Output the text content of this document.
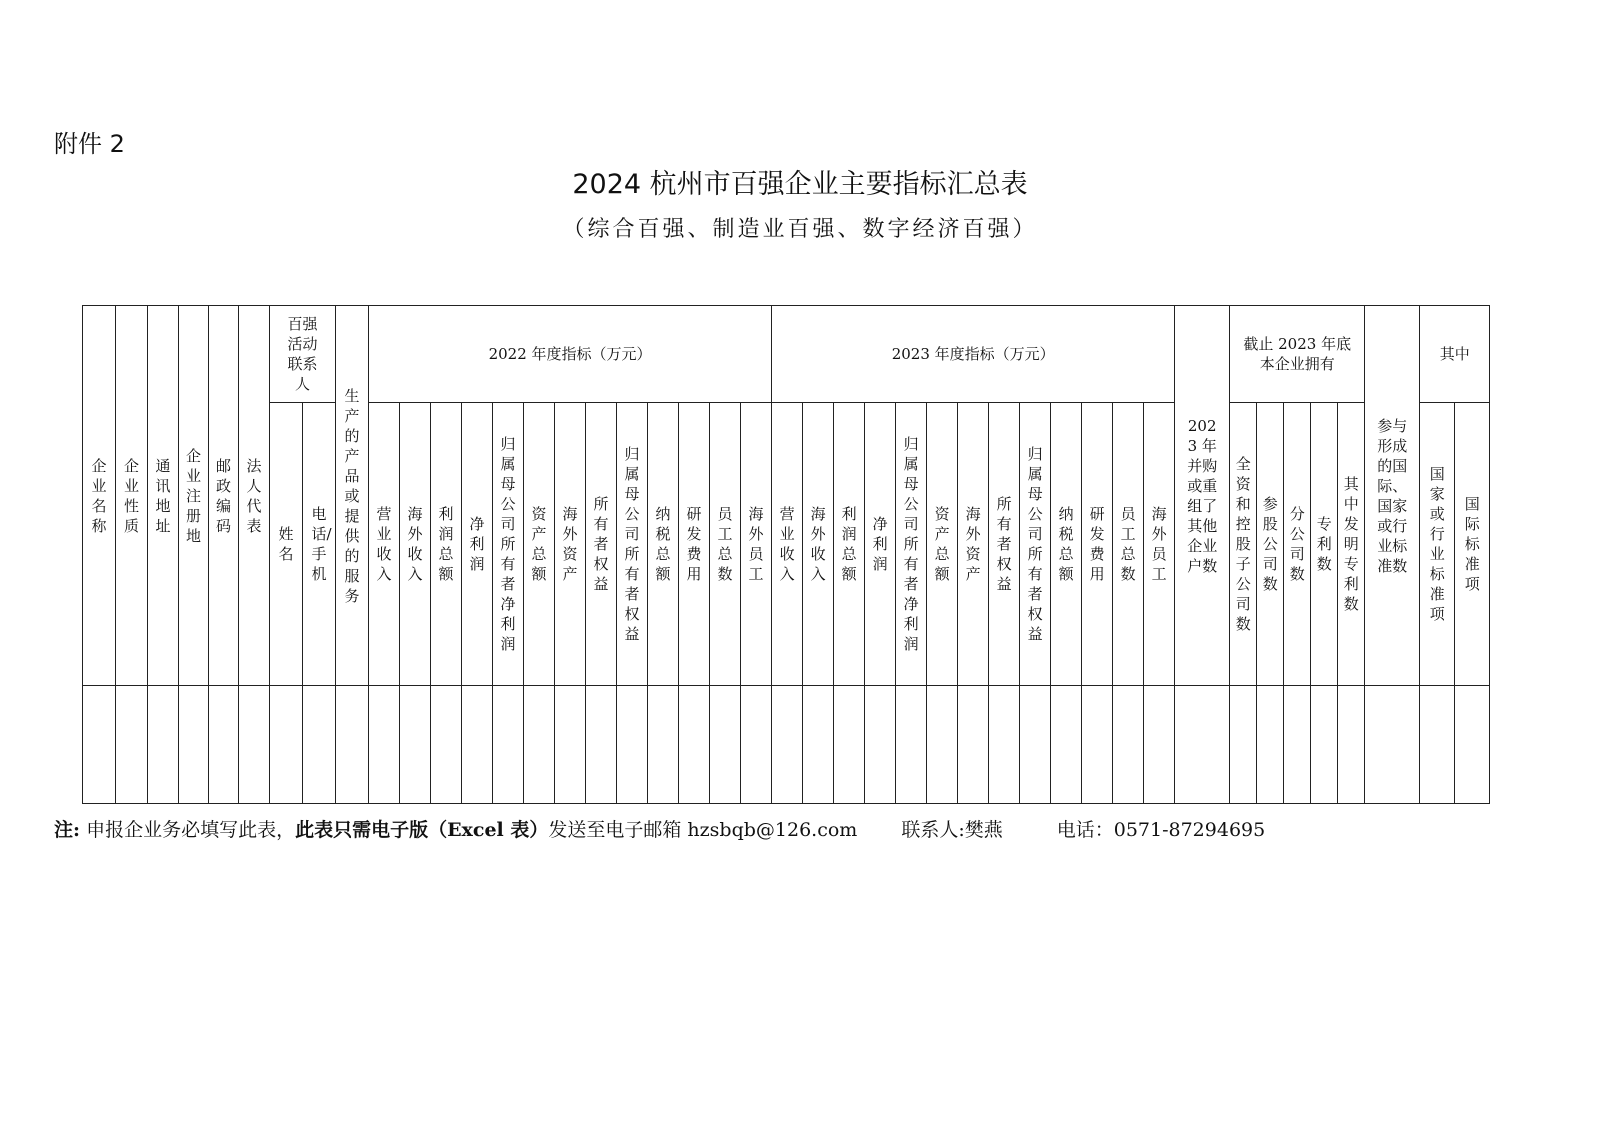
附件 2
2024 杭州市百强企业主要指标汇总表
（综合百强、制造业百强、数字经济百强）
企业名称	企业性质	通讯地址	企业注册地	邮政编码	法人代表	百强活动联系人		生产的产品或提供的服务	2022 年度指标（万元）													2023 年度指标（万元）													2023 年并购或重组了其他企业户数	截止 2023 年底本企业拥有					参与形成的国际、国家或行业标准数	其中	
						姓名	电话/手机		营业收入	海外收入	利润总额	净利润	归属母公司所有者净利润	资产总额	海外资产	所有者权益	归属母公司所有者权益	纳税总额	研发费用	员工总数	海外员工	营业收入	海外收入	利润总额	净利润	归属母公司所有者净利润	资产总额	海外资产	所有者权益	归属母公司所有者权益	纳税总额	研发费用	员工总数	海外员工		全资和控股子公司数	参股公司数	分公司数	专利数	其中发明专利数		国家或行业标准项	国际标准项

注: 申报企业务必填写此表，此表只需电子版（Excel 表）发送至电子邮箱 hzsbqb@126.com 联系人:樊燕	电话：0571-87294695
